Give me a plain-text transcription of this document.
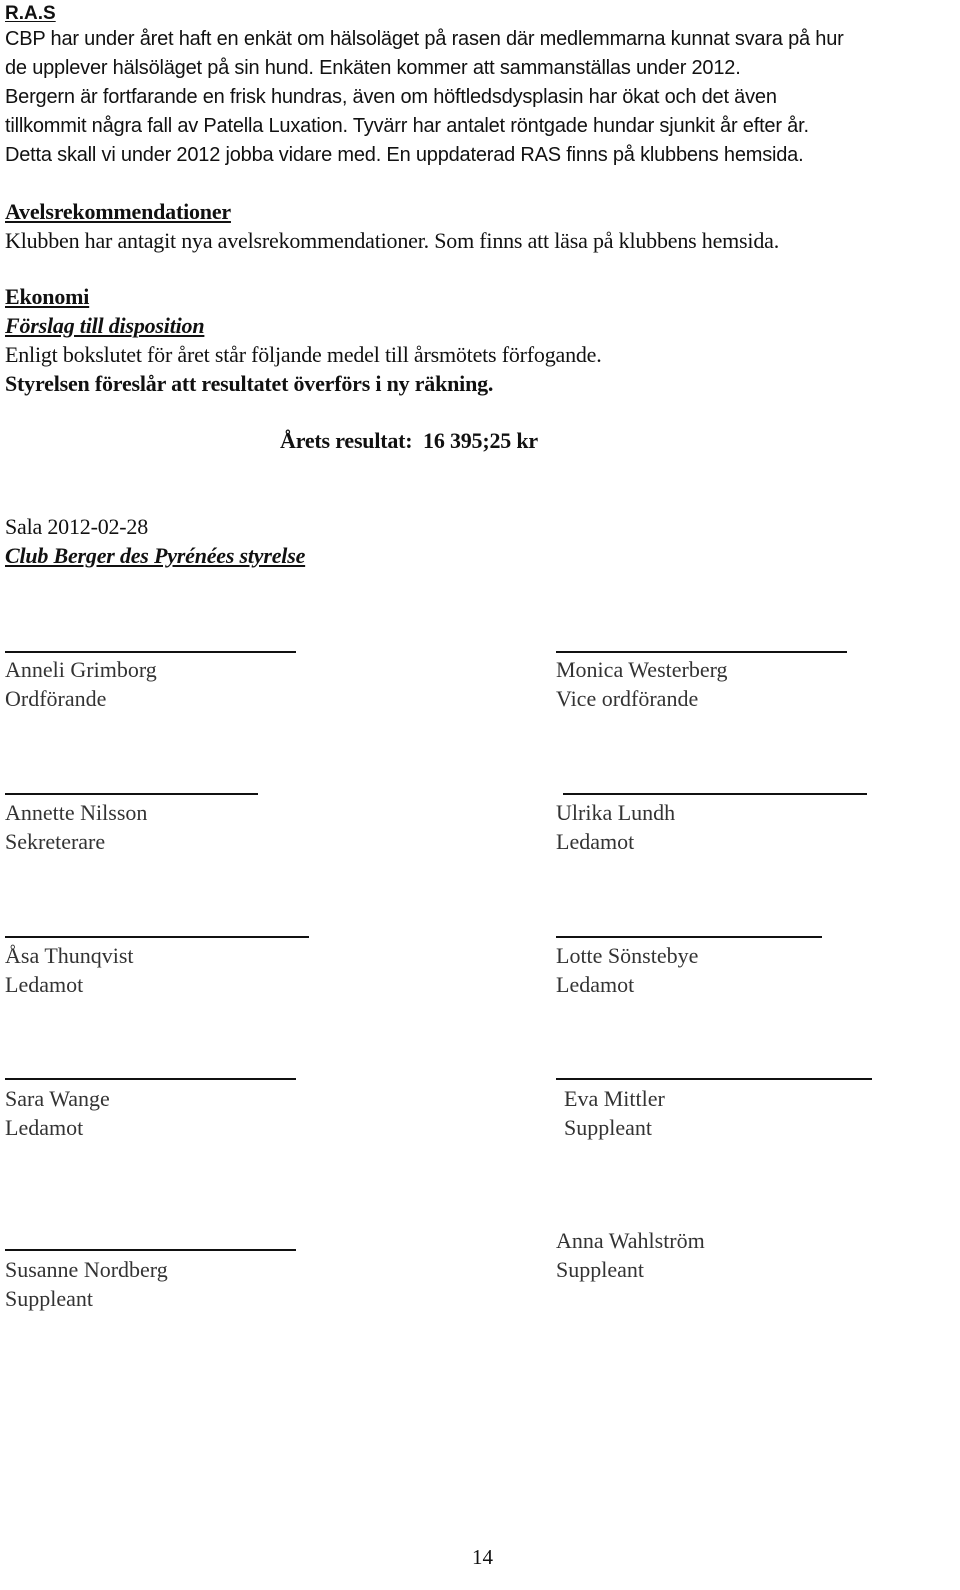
R.A.S
CBP har under året haft en enkät om hälsoläget på rasen där medlemmarna kunnat svara på hur
de upplever hälsöläget på sin hund. Enkäten kommer att sammanställas under 2012.
Bergern är fortfarande en frisk hundras, även om höftledsdysplasin har ökat och det även
tillkommit några fall av Patella Luxation. Tyvärr har antalet röntgade hundar sjunkit år efter år.
Detta skall vi under 2012 jobba vidare med. En uppdaterad RAS finns på klubbens hemsida.
Avelsrekommendationer
Klubben har antagit nya avelsrekommendationer. Som finns att läsa på klubbens hemsida.
Ekonomi
Förslag till disposition
Enligt bokslutet för året står följande medel till årsmötets förfogande.
Styrelsen föreslår att resultatet överförs i ny räkning.
Årets resultat: 16 395;25 kr
Sala 2012-02-28
Club Berger des Pyrénées styrelse
Anneli Grimborg
Ordförande
Monica Westerberg
Vice ordförande
Annette Nilsson
Sekreterare
Ulrika Lundh
Ledamot
Åsa Thunqvist
Ledamot
Lotte Sönstebye
Ledamot
Sara Wange
Ledamot
Eva Mittler
Suppleant
Susanne Nordberg
Suppleant
Anna Wahlström
Suppleant
14
